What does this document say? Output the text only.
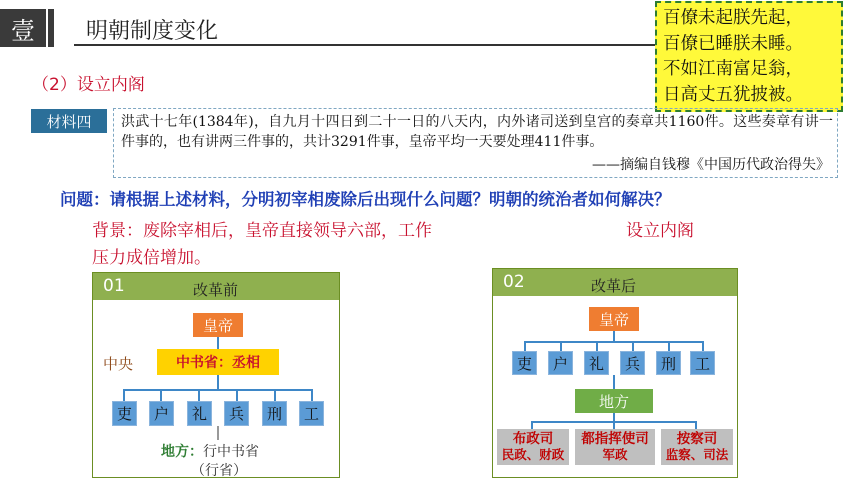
壹	明朝制度变化
百僚未起朕先起，
百僚已睡朕未睡。
不如江南富足翁，
日高丈五犹披被。
（2）设立内阁
材料四	洪武十七年(1384年)，自九月十四日到二十一日的八天内，内外诸司送到皇宫的奏章共1160件。这些奏章有讲一件事的，也有讲两三件事的，共计3291件事，皇帝平均一天要处理411件事。
——摘编自钱穆《中国历代政治得失》
问题：请根据上述材料，分明初宰相废除后出现什么问题？明朝的统治者如何解决？
背景：废除宰相后，皇帝直接领导六部，工作
压力成倍增加。
设立内阁
01	改革前
皇帝
中央	中书省：丞相
吏	户	礼	兵	刑	工
地方：行中书省
（行省）
02	改革后
皇帝
吏	户	礼	兵	刑	工
地方
布政司
民政、财政
都指挥使司
军政
按察司
监察、司法
